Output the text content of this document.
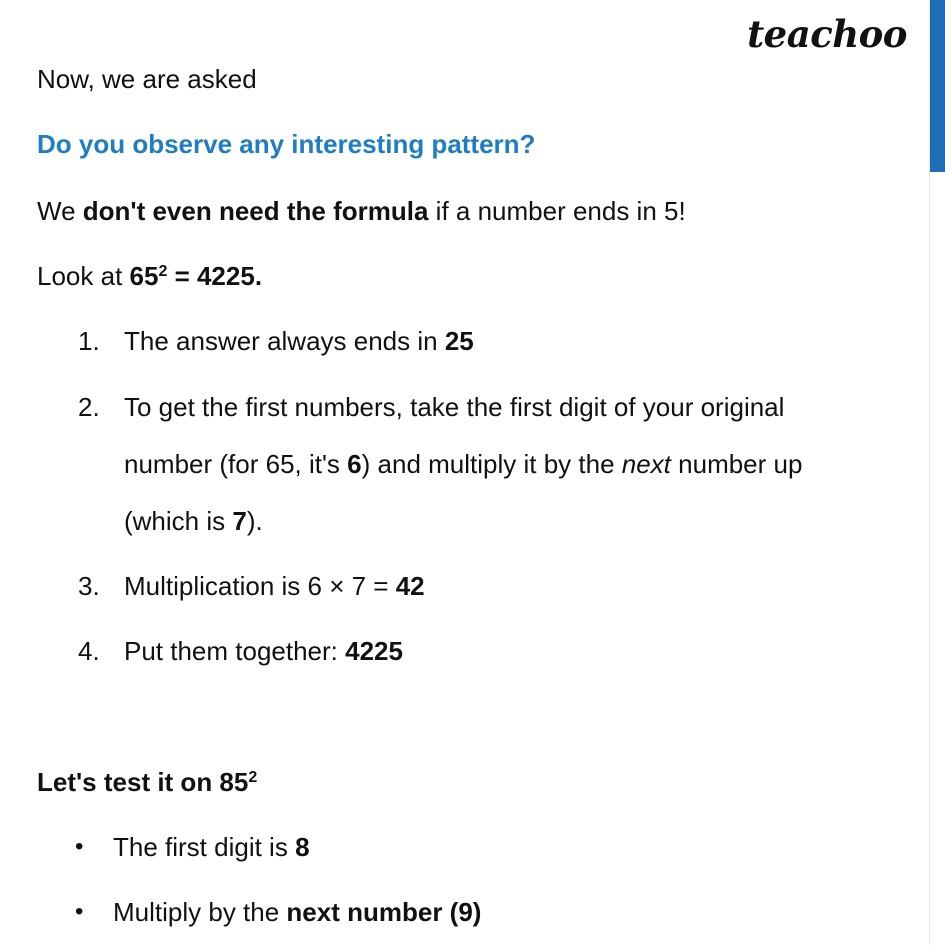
teachoo
Now, we are asked
Do you observe any interesting pattern?
We don't even need the formula if a number ends in 5!
Look at $65^2 = 4225$.
1. The answer always ends in 25
2. To get the first numbers, take the first digit of your original
number (for 65, it's 6) and multiply it by the next number up
(which is 7).
3. Multiplication is 6 × 7 = 42
4. Put them together: 4225
Let's test it on $85^2$
• The first digit is 8
• Multiply by the next number (9)
